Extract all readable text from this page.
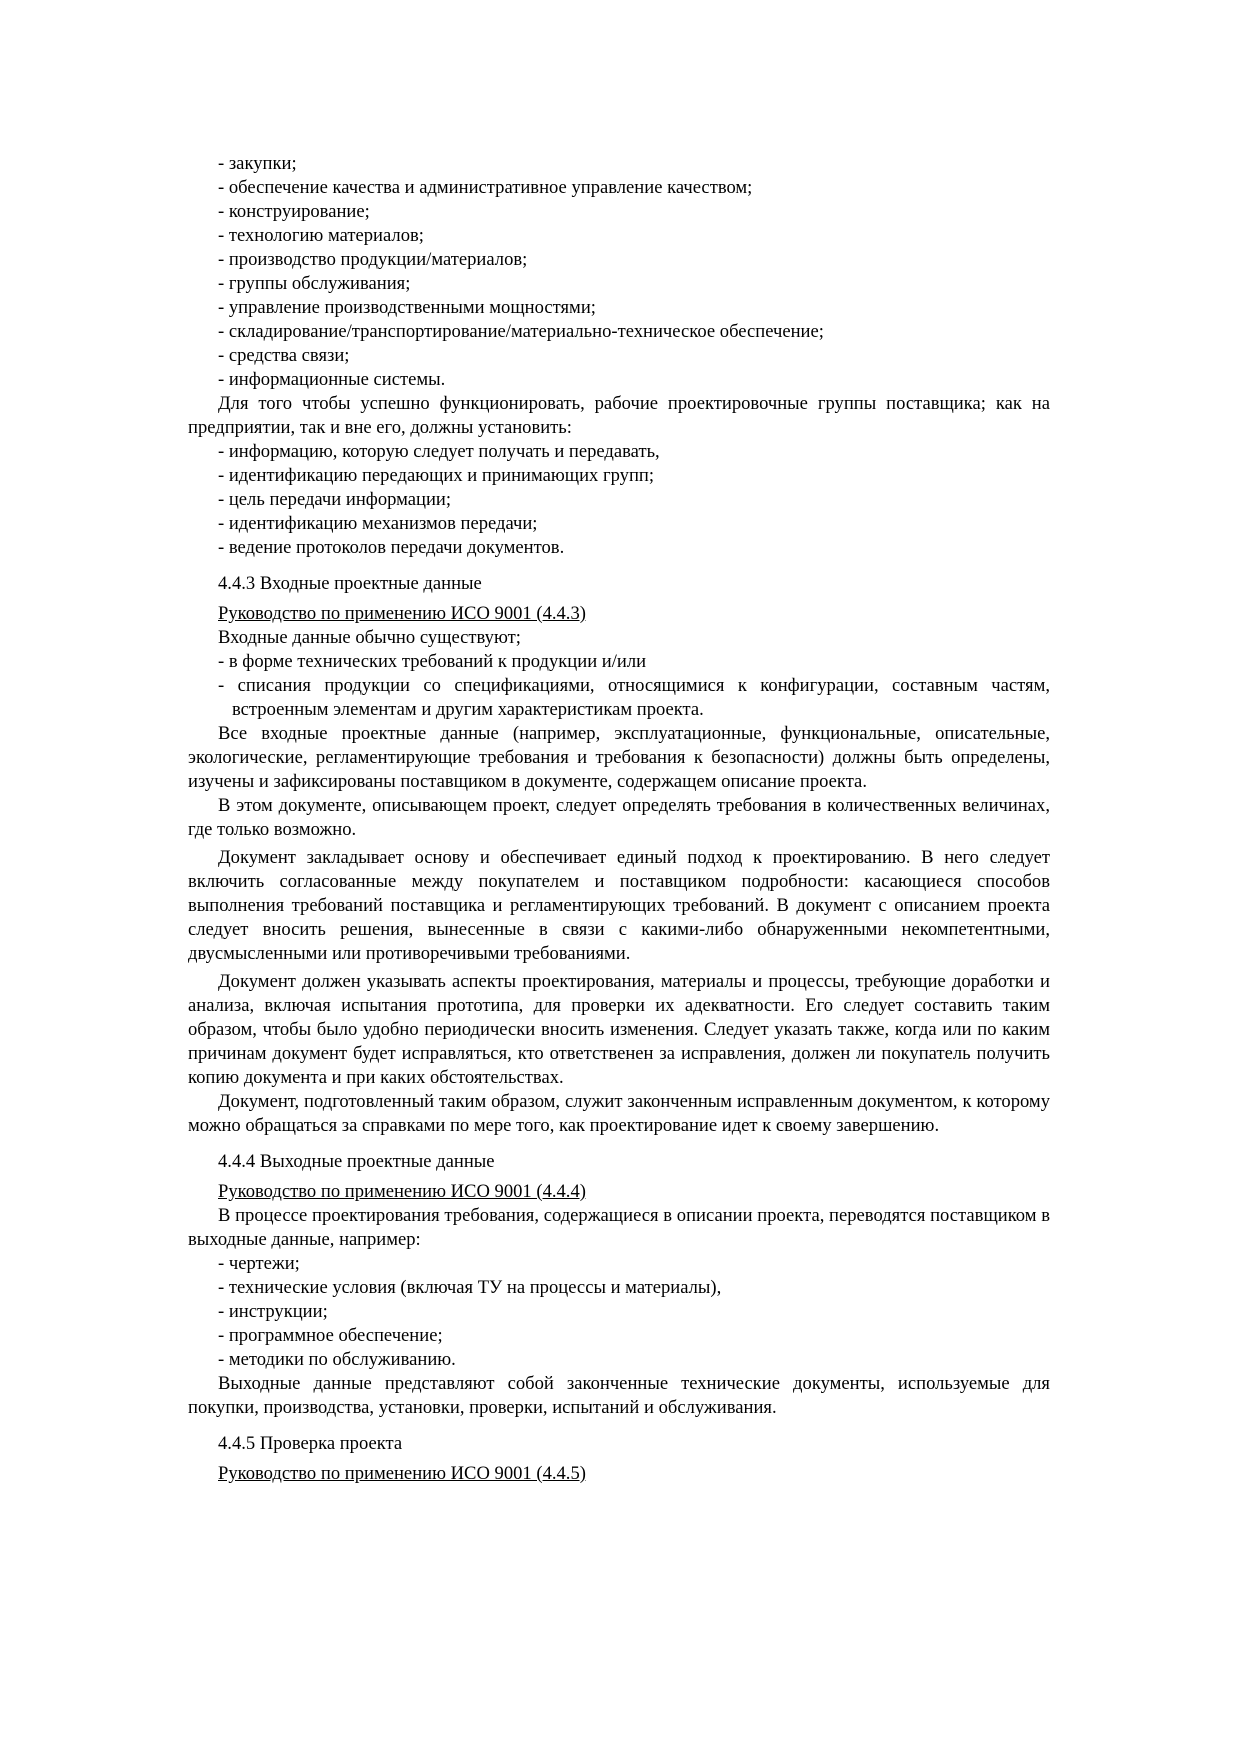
- закупки;

- обеспечение качества и административное управление качеством;

- конструирование;

- технологию материалов;

- производство продукции/материалов;

- группы обслуживания;

- управление производственными мощностями;

- складирование/транспортирование/материально-техническое обеспечение;

- средства связи;

- информационные системы.

Для того чтобы успешно функционировать, рабочие проектировочные группы поставщика; как на предприятии, так и вне его, должны установить:

- информацию, которую следует получать и передавать,

- идентификацию передающих и принимающих групп;

- цель передачи информации;

- идентификацию механизмов передачи;

- ведение протоколов передачи документов.

4.4.3 Входные проектные данные

Руководство по применению ИСО 9001 (4.4.3)

Входные данные обычно существуют;

- в форме технических требований к продукции и/или

- списания продукции со спецификациями, относящимися к конфигурации, составным частям, встроенным элементам и другим характеристикам проекта.

Все входные проектные данные (например, эксплуатационные, функциональные, описательные, экологические, регламентирующие требования и требования к безопасности) должны быть определены, изучены и зафиксированы поставщиком в документе, содержащем описание проекта.

В этом документе, описывающем проект, следует определять требования в количественных величинах, где только возможно.

Документ закладывает основу и обеспечивает единый подход к проектированию. В него следует включить согласованные между покупателем и поставщиком подробности: касающиеся способов выполнения требований поставщика и регламентирующих требований. В документ с описанием проекта следует вносить решения, вынесенные в связи с какими-либо обнаруженными некомпетентными, двусмысленными или противоречивыми требованиями.

Документ должен указывать аспекты проектирования, материалы и процессы, требующие доработки и анализа, включая испытания прототипа, для проверки их адекватности. Его следует составить таким образом, чтобы было удобно периодически вносить изменения. Следует указать также, когда или по каким причинам документ будет исправляться, кто ответственен за исправления, должен ли покупатель получить копию документа и при каких обстоятельствах.

Документ, подготовленный таким образом, служит законченным исправленным документом, к которому можно обращаться за справками по мере того, как проектирование идет к своему завершению.

4.4.4 Выходные проектные данные

Руководство по применению ИСО 9001 (4.4.4)

В процессе проектирования требования, содержащиеся в описании проекта, переводятся поставщиком в выходные данные, например:

- чертежи;

- технические условия (включая ТУ на процессы и материалы),

- инструкции;

- программное обеспечение;

- методики по обслуживанию.

Выходные данные представляют собой законченные технические документы, используемые для покупки, производства, установки, проверки, испытаний и обслуживания.

4.4.5 Проверка проекта

Руководство по применению ИСО 9001 (4.4.5)
